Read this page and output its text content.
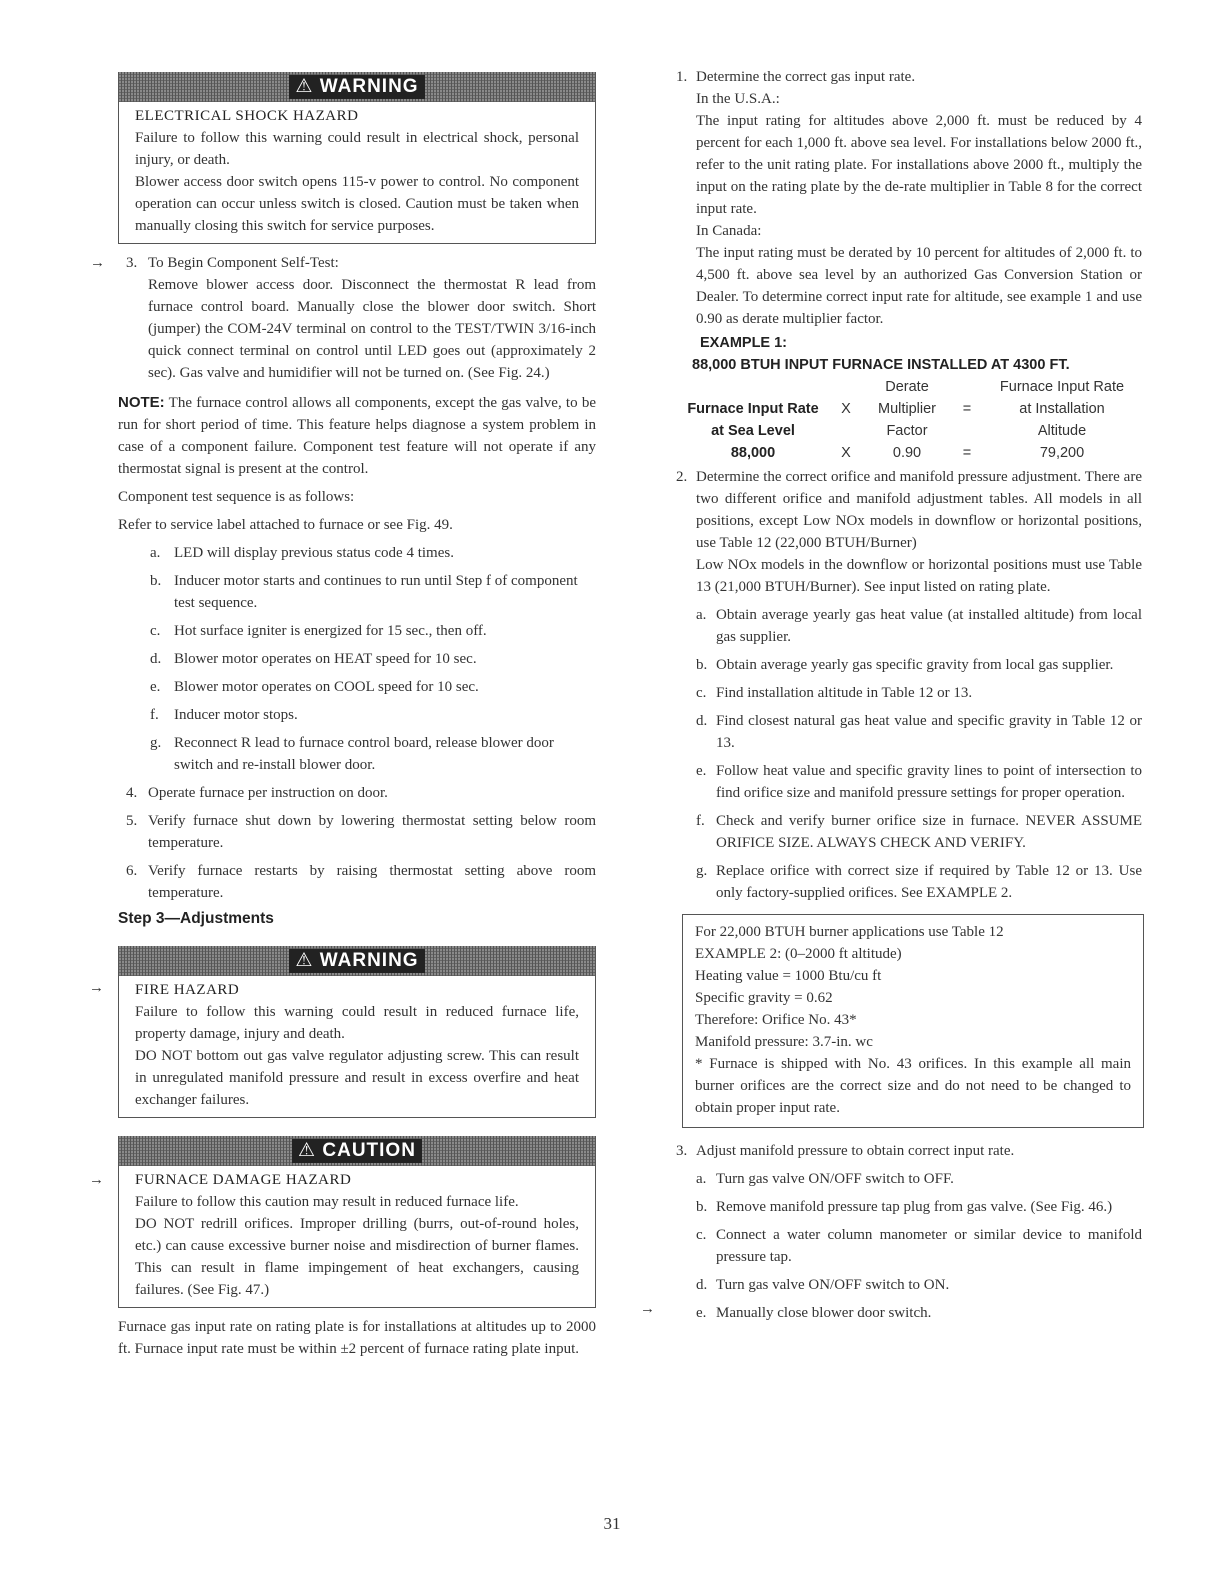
⚠ WARNING

ELECTRICAL SHOCK HAZARD

Failure to follow this warning could result in electrical shock, personal injury, or death.

Blower access door switch opens 115-v power to control. No component operation can occur unless switch is closed. Caution must be taken when manually closing this switch for service purposes.

→ 3. To Begin Component Self-Test:

Remove blower access door. Disconnect the thermostat R lead from furnace control board. Manually close the blower door switch. Short (jumper) the COM-24V terminal on control to the TEST/TWIN 3/16-inch quick connect terminal on control until LED goes out (approximately 2 sec). Gas valve and humidifier will not be turned on. (See Fig. 24.)

NOTE: The furnace control allows all components, except the gas valve, to be run for short period of time. This feature helps diagnose a system problem in case of a component failure. Component test feature will not operate if any thermostat signal is present at the control.

Component test sequence is as follows:

Refer to service label attached to furnace or see Fig. 49.

a. LED will display previous status code 4 times.
b. Inducer motor starts and continues to run until Step f of component test sequence.
c. Hot surface igniter is energized for 15 sec., then off.
d. Blower motor operates on HEAT speed for 10 sec.
e. Blower motor operates on COOL speed for 10 sec.
f. Inducer motor stops.
g. Reconnect R lead to furnace control board, release blower door switch and re-install blower door.
4. Operate furnace per instruction on door.
5. Verify furnace shut down by lowering thermostat setting below room temperature.
6. Verify furnace restarts by raising thermostat setting above room temperature.

Step 3—Adjustments

→
⚠ WARNING

FIRE HAZARD

Failure to follow this warning could result in reduced furnace life, property damage, injury and death.

DO NOT bottom out gas valve regulator adjusting screw. This can result in unregulated manifold pressure and result in excess overfire and heat exchanger failures.

→
⚠ CAUTION

FURNACE DAMAGE HAZARD

Failure to follow this caution may result in reduced furnace life.

DO NOT redrill orifices. Improper drilling (burrs, out-of-round holes, etc.) can cause excessive burner noise and misdirection of burner flames. This can result in flame impingement of heat exchangers, causing failures. (See Fig. 47.)

Furnace gas input rate on rating plate is for installations at altitudes up to 2000 ft. Furnace input rate must be within ±2 percent of furnace rating plate input.

1. Determine the correct gas input rate.

In the U.S.A.:

The input rating for altitudes above 2,000 ft. must be reduced by 4 percent for each 1,000 ft. above sea level. For installations below 2000 ft., refer to the unit rating plate. For installations above 2000 ft., multiply the input on the rating plate by the de-rate multiplier in Table 8 for the correct input rate.

In Canada:

The input rating must be derated by 10 percent for altitudes of 2,000 ft. to 4,500 ft. above sea level by an authorized Gas Conversion Station or Dealer. To determine correct input rate for altitude, see example 1 and use 0.90 as derate multiplier factor.

EXAMPLE 1:

88,000 BTUH INPUT FURNACE INSTALLED AT 4300 FT.

		Derate		Furnace Input Rate
Furnace Input Rate	X	Multiplier	=	at Installation
at Sea Level		Factor		Altitude
88,000	X	0.90	=	79,200
2. Determine the correct orifice and manifold pressure adjustment. There are two different orifice and manifold adjustment tables. All models in all positions, except Low NOx models in downflow or horizontal positions, use Table 12 (22,000 BTUH/Burner)

Low NOx models in the downflow or horizontal positions must use Table 13 (21,000 BTUH/Burner). See input listed on rating plate.

a. Obtain average yearly gas heat value (at installed altitude) from local gas supplier.
b. Obtain average yearly gas specific gravity from local gas supplier.
c. Find installation altitude in Table 12 or 13.
d. Find closest natural gas heat value and specific gravity in Table 12 or 13.
e. Follow heat value and specific gravity lines to point of intersection to find orifice size and manifold pressure settings for proper operation.
f. Check and verify burner orifice size in furnace. NEVER ASSUME ORIFICE SIZE. ALWAYS CHECK AND VERIFY.
g. Replace orifice with correct size if required by Table 12 or 13. Use only factory-supplied orifices. See EXAMPLE 2.

For 22,000 BTUH burner applications use Table 12

EXAMPLE 2: (0–2000 ft altitude)

Heating value = 1000 Btu/cu ft

Specific gravity = 0.62

Therefore: Orifice No. 43*

Manifold pressure: 3.7-in. wc

* Furnace is shipped with No. 43 orifices. In this example all main burner orifices are the correct size and do not need to be changed to obtain proper input rate.

3. Adjust manifold pressure to obtain correct input rate.

a. Turn gas valve ON/OFF switch to OFF.
b. Remove manifold pressure tap plug from gas valve. (See Fig. 46.)
c. Connect a water column manometer or similar device to manifold pressure tap.
d. Turn gas valve ON/OFF switch to ON.
→	e. Manually close blower door switch.
31
